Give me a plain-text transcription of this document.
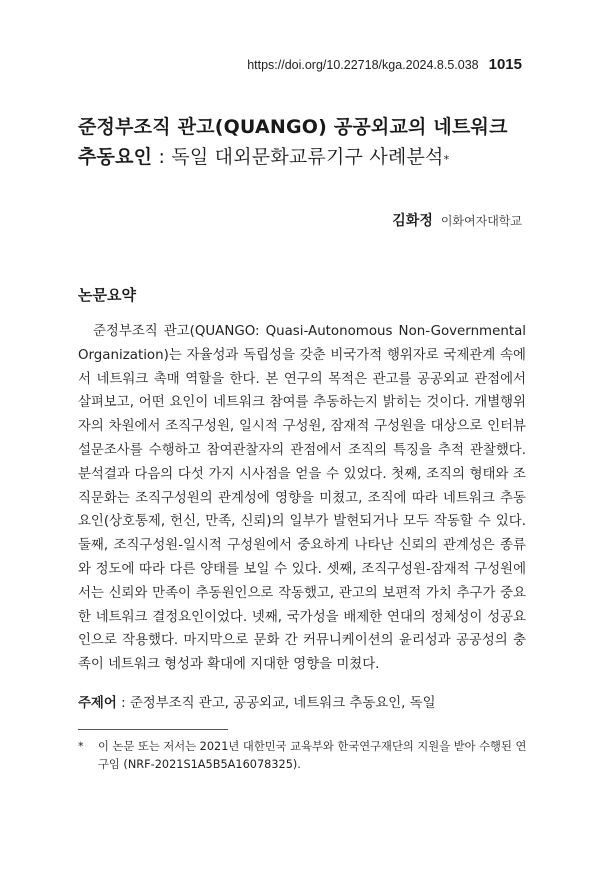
https://doi.org/10.22718/kga.2024.8.5.038 1015
준정부조직 관고(QUANGO) 공공외교의 네트워크
추동요인 : 독일 대외문화교류기구 사례분석*
김화정 이화여자대학교
논문요약

준정부조직 관고(QUANGO: Quasi-Autonomous Non-Governmental Organization)는 자율성과 독립성을 갖춘 비국가적 행위자로 국제관계 속에서 네트워크 촉매 역할을 한다. 본 연구의 목적은 관고를 공공외교 관점에서 살펴보고, 어떤 요인이 네트워크 참여를 추동하는지 밝히는 것이다. 개별행위자의 차원에서 조직구성원, 일시적 구성원, 잠재적 구성원을 대상으로 인터뷰 설문조사를 수행하고 참여관찰자의 관점에서 조직의 특징을 추적 관찰했다. 분석결과 다음의 다섯 가지 시사점을 얻을 수 있었다. 첫째, 조직의 형태와 조직문화는 조직구성원의 관계성에 영향을 미쳤고, 조직에 따라 네트워크 추동요인(상호통제, 헌신, 만족, 신뢰)의 일부가 발현되거나 모두 작동할 수 있다. 둘째, 조직구성원-일시적 구성원에서 중요하게 나타난 신뢰의 관계성은 종류와 정도에 따라 다른 양태를 보일 수 있다. 셋째, 조직구성원-잠재적 구성원에서는 신뢰와 만족이 추동원인으로 작동했고, 관고의 보편적 가치 추구가 중요한 네트워크 결정요인이었다. 넷째, 국가성을 배제한 연대의 정체성이 성공요인으로 작용했다. 마지막으로 문화 간 커뮤니케이션의 윤리성과 공공성의 충족이 네트워크 형성과 확대에 지대한 영향을 미쳤다.

주제어 : 준정부조직 관고, 공공외교, 네트워크 추동요인, 독일
*	이 논문 또는 저서는 2021년 대한민국 교육부와 한국연구재단의 지원을 받아 수행된 연구임 (NRF-2021S1A5B5A16078325).
